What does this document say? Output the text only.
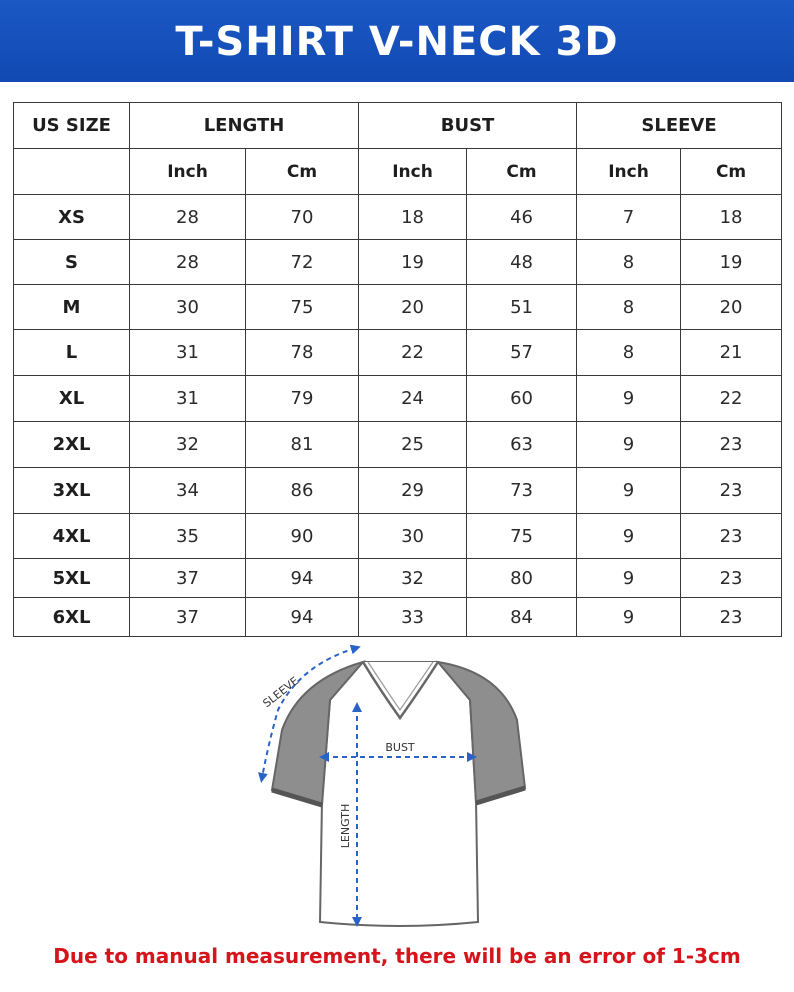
T-SHIRT V-NECK 3D
US SIZE	LENGTH		BUST		SLEEVE	
	Inch	Cm	Inch	Cm	Inch	Cm
XS	28	70	18	46	7	18
S	28	72	19	48	8	19
M	30	75	20	51	8	20
L	31	78	22	57	8	21
XL	31	79	24	60	9	22
2XL	32	81	25	63	9	23
3XL	34	86	29	73	9	23
4XL	35	90	30	75	9	23
5XL	37	94	32	80	9	23
6XL	37	94	33	84	9	23
SLEEVE
BUST
LENGTH
Due to manual measurement, there will be an error of 1-3cm
